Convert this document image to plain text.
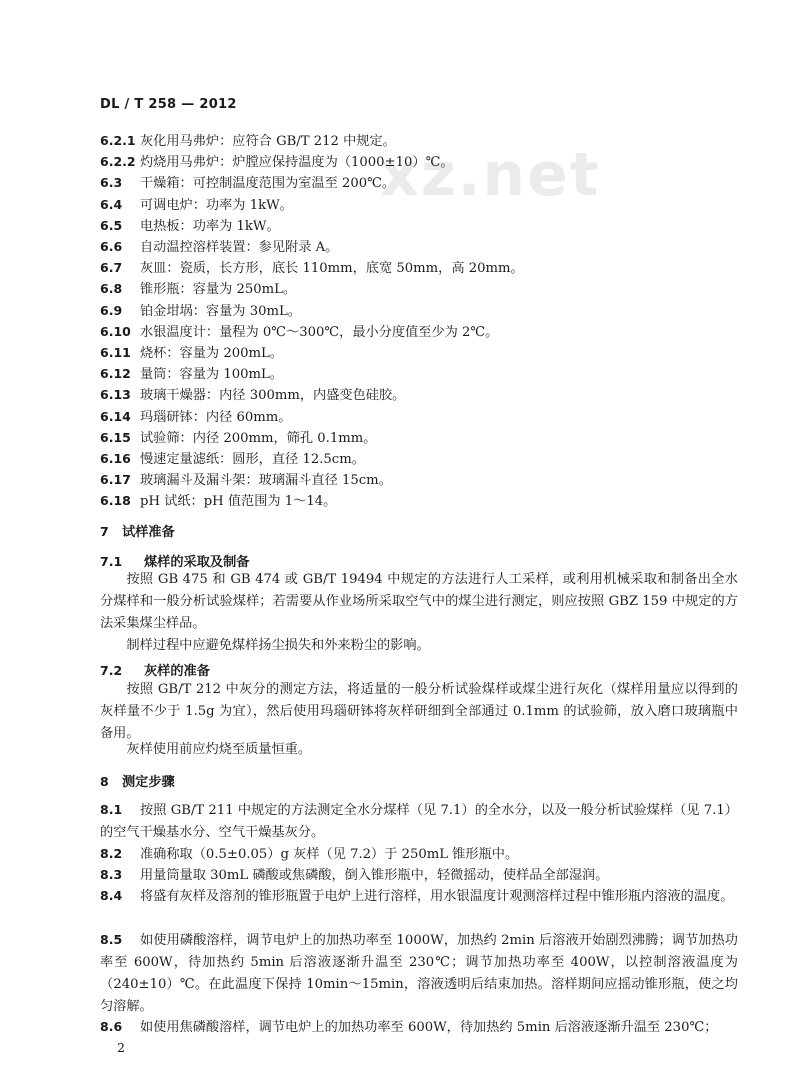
xz.net
DL / T 258 — 2012
6.2.1 灰化用马弗炉：应符合 GB/T 212 中规定。
6.2.2 灼烧用马弗炉：炉膛应保持温度为（1000±10）℃。
6.3 干燥箱：可控制温度范围为室温至 200℃。
6.4 可调电炉：功率为 1kW。
6.5 电热板：功率为 1kW。
6.6 自动温控溶样装置：参见附录 A。
6.7 灰皿：瓷质，长方形，底长 110mm，底宽 50mm，高 20mm。
6.8 锥形瓶：容量为 250mL。
6.9 铂金坩埚：容量为 30mL。
6.10 水银温度计：量程为 0℃～300℃，最小分度值至少为 2℃。
6.11 烧杯：容量为 200mL。
6.12 量筒：容量为 100mL。
6.13 玻璃干燥器：内径 300mm，内盛变色硅胶。
6.14 玛瑙研钵：内径 60mm。
6.15 试验筛：内径 200mm，筛孔 0.1mm。
6.16 慢速定量滤纸：圆形，直径 12.5cm。
6.17 玻璃漏斗及漏斗架：玻璃漏斗直径 15cm。
6.18 pH 试纸：pH 值范围为 1～14。
7 试样准备
7.1 煤样的采取及制备
按照 GB 475 和 GB 474 或 GB/T 19494 中规定的方法进行人工采样，或利用机械采取和制备出全水分煤样和一般分析试验煤样；若需要从作业场所采取空气中的煤尘进行测定，则应按照 GBZ 159 中规定的方法采集煤尘样品。
制样过程中应避免煤样扬尘损失和外来粉尘的影响。
7.2 灰样的准备
按照 GB/T 212 中灰分的测定方法，将适量的一般分析试验煤样或煤尘进行灰化（煤样用量应以得到的灰样量不少于 1.5g 为宜），然后使用玛瑙研钵将灰样研细到全部通过 0.1mm 的试验筛，放入磨口玻璃瓶中备用。
灰样使用前应灼烧至质量恒重。
8 测定步骤
8.1 按照 GB/T 211 中规定的方法测定全水分煤样（见 7.1）的全水分，以及一般分析试验煤样（见 7.1）的空气干燥基水分、空气干燥基灰分。
8.2 准确称取（0.5±0.05）g 灰样（见 7.2）于 250mL 锥形瓶中。
8.3 用量筒量取 30mL 磷酸或焦磷酸，倒入锥形瓶中，轻微摇动，使样品全部湿润。
8.4 将盛有灰样及溶剂的锥形瓶置于电炉上进行溶样，用水银温度计观测溶样过程中锥形瓶内溶液的温度。
8.5 如使用磷酸溶样，调节电炉上的加热功率至 1000W，加热约 2min 后溶液开始剧烈沸腾；调节加热功率至 600W，待加热约 5min 后溶液逐渐升温至 230℃；调节加热功率至 400W，以控制溶液温度为（240±10）℃。在此温度下保持 10min～15min，溶液透明后结束加热。溶样期间应摇动锥形瓶，使之均匀溶解。
8.6 如使用焦磷酸溶样，调节电炉上的加热功率至 600W，待加热约 5min 后溶液逐渐升温至 230℃；
2
